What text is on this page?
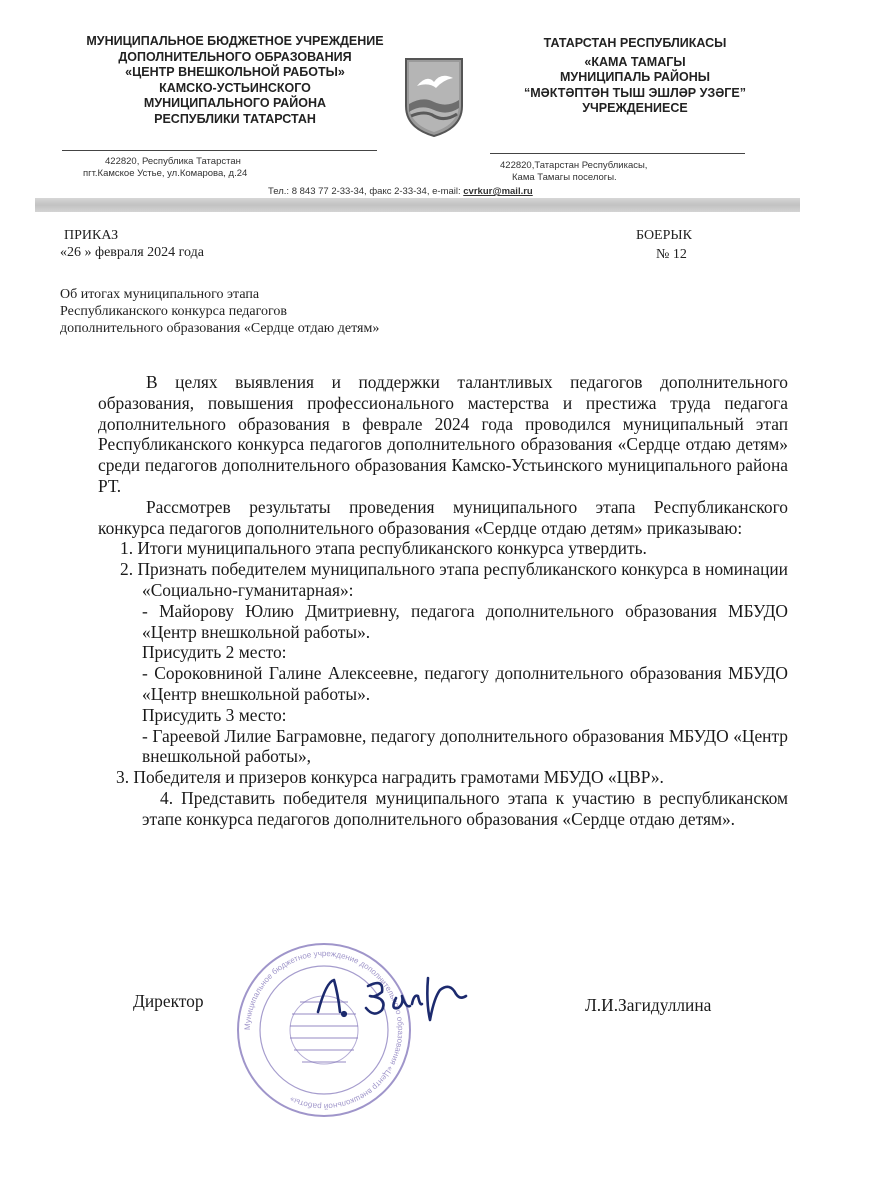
МУНИЦИПАЛЬНОЕ БЮДЖЕТНОЕ УЧРЕЖДЕНИЕ
ДОПОЛНИТЕЛЬНОГО ОБРАЗОВАНИЯ
«ЦЕНТР ВНЕШКОЛЬНОЙ РАБОТЫ»
КАМСКО-УСТЬИНСКОГО
МУНИЦИПАЛЬНОГО РАЙОНА
РЕСПУБЛИКИ ТАТАРСТАН
ТАТАРСТАН РЕСПУБЛИКАСЫ
«КАМА ТАМАГЫ
МУНИЦИПАЛЬ РАЙОНЫ
“МӘКТӘПТӘН ТЫШ ЭШЛӘР УЗӘГЕ”
УЧРЕЖДЕНИЕСЕ
422820, Республика Татарстан
пгт.Камское Устье, ул.Комарова, д.24
422820,Татарстан Республикасы,
Кама Тамагы поселогы.
Тел.: 8 843 77 2-33-34, факс 2-33-34, e-mail: cvrkur@mail.ru
ПРИКАЗ
«26 » февраля 2024 года
БОЕРЫК
№ 12
Об итогах муниципального этапа
Республиканского конкурса педагогов
дополнительного образования «Сердце отдаю детям»

В целях выявления и поддержки талантливых педагогов дополнительного образования, повышения профессионального мастерства и престижа труда педагога дополнительного образования в феврале 2024 года проводился муниципальный этап Республиканского конкурса педагогов дополнительного образования «Сердце отдаю детям» среди педагогов дополнительного образования Камско-Устьинского муниципального района РТ.

Рассмотрев результаты проведения муниципального этапа Республиканского конкурса педагогов дополнительного образования «Сердце отдаю детям» приказываю:

1. Итоги муниципального этапа республиканского конкурса утвердить.

2. Признать победителем муниципального этапа республиканского конкурса в номинации «Социально-гуманитарная»:

- Майорову Юлию Дмитриевну, педагога дополнительного образования МБУДО «Центр внешкольной работы».

Присудить 2 место:

- Сороковниной Галине Алексеевне, педагогу дополнительного образования МБУДО «Центр внешкольной работы».

Присудить 3 место:

- Гареевой Лилие Баграмовне, педагогу дополнительного образования МБУДО «Центр внешкольной работы»,

3. Победителя и призеров конкурса наградить грамотами МБУДО «ЦВР».

4. Представить победителя муниципального этапа к участию в республиканском этапе конкурса педагогов дополнительного образования «Сердце отдаю детям».

Муниципальное бюджетное учреждение дополнительного образования «Центр внешкольной работы»
Директор	Л.И.Загидуллина
